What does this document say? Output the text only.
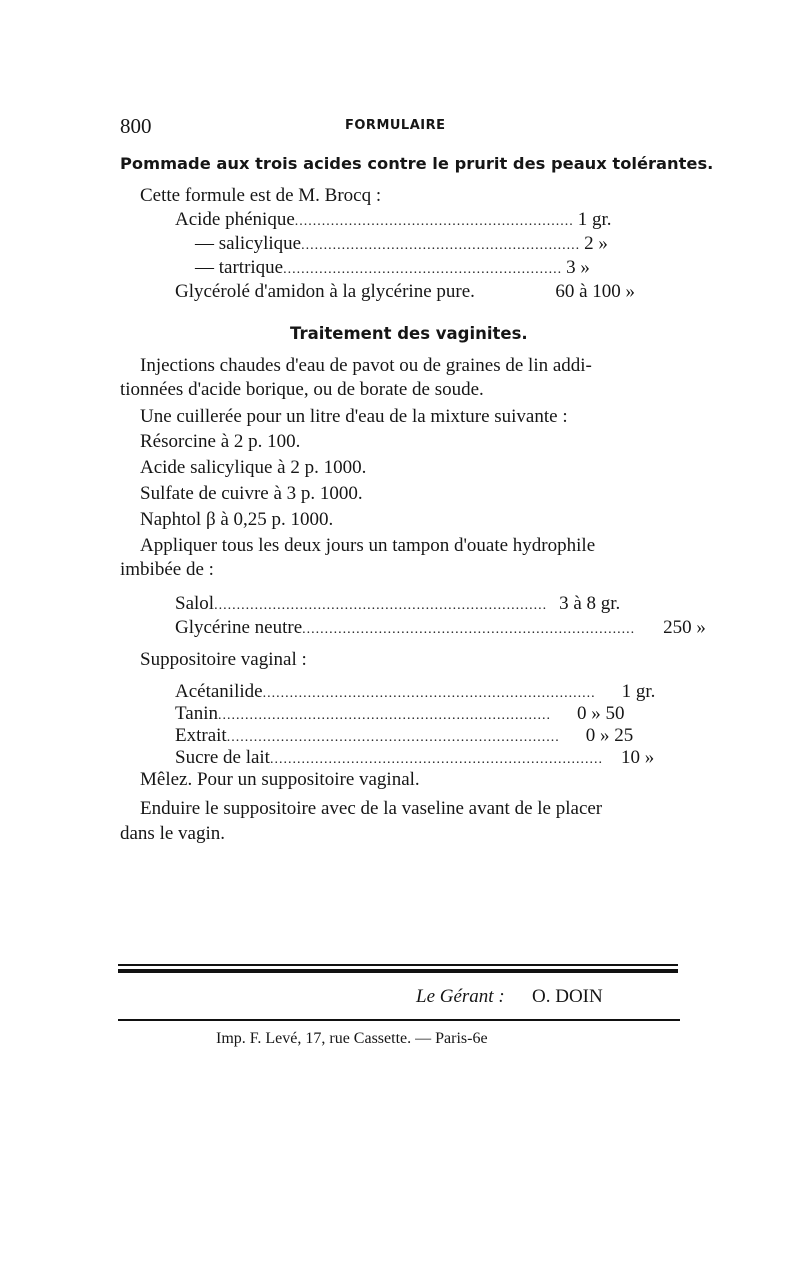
800	FORMULAIRE
Pommade aux trois acides contre le prurit des peaux tolérantes.
Cette formule est de M. Brocq :
Acide phénique .............................................................. 1 gr.
— salicylique .............................................................. 2 »
— tartrique .............................................................. 3 »
Glycérolé d'amidon à la glycérine pure.	60 à 100 »
Traitement des vaginites.
Injections chaudes d'eau de pavot ou de graines de lin addi-
tionnées d'acide borique, ou de borate de soude.
Une cuillerée pour un litre d'eau de la mixture suivante :
Résorcine à 2 p. 100.
Acide salicylique à 2 p. 1000.
Sulfate de cuivre à 3 p. 1000.
Naphtol β à 0,25 p. 1000.
Appliquer tous les deux jours un tampon d'ouate hydrophile
imbibée de :
Salol .......................................................................... 3 à 8 gr.
Glycérine neutre ..........................................................................	250 »
Suppositoire vaginal :
Acétanilide ..........................................................................	1 gr.
Tanin ..........................................................................	0 » 50
Extrait ..........................................................................	0 » 25
Sucre de lait .......................................................................... 10 »
Mêlez. Pour un suppositoire vaginal.
Enduire le suppositoire avec de la vaseline avant de le placer
dans le vagin.
Le Gérant : O. DOIN
Imp. F. Levé, 17, rue Cassette. — Paris-6e
